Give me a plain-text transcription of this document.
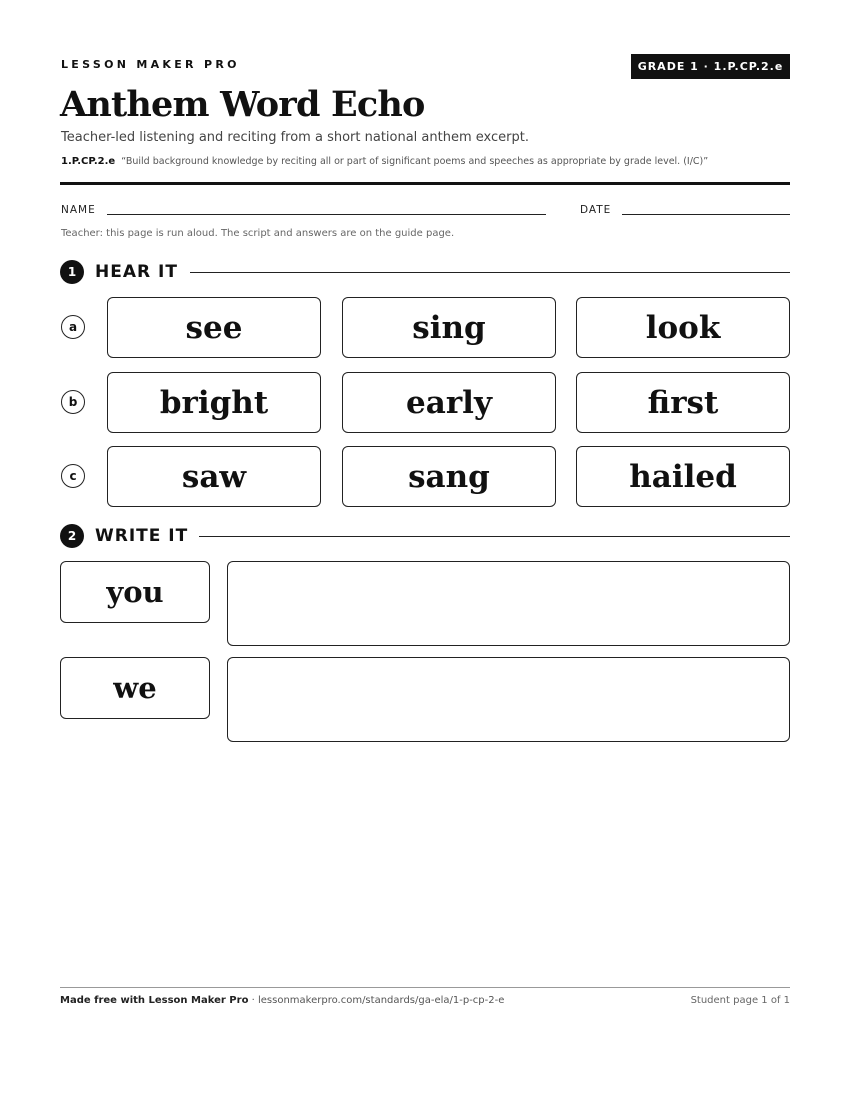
LESSON MAKER PRO	GRADE 1 · 1.P.CP.2.e
Anthem Word Echo
Teacher-led listening and reciting from a short national anthem excerpt.
1.P.CP.2.e “Build background knowledge by reciting all or part of significant poems and speeches as appropriate by grade level. (I/C)”
NAME	DATE
Teacher: this page is run aloud. The script and answers are on the guide page.
1	HEAR IT
a	see	sing	look
b	bright	early	first
c	saw	sang	hailed
2	WRITE IT
you
we
Made free with Lesson Maker Pro · lessonmakerpro.com/standards/ga-ela/1-p-cp-2-e	Student page 1 of 1
